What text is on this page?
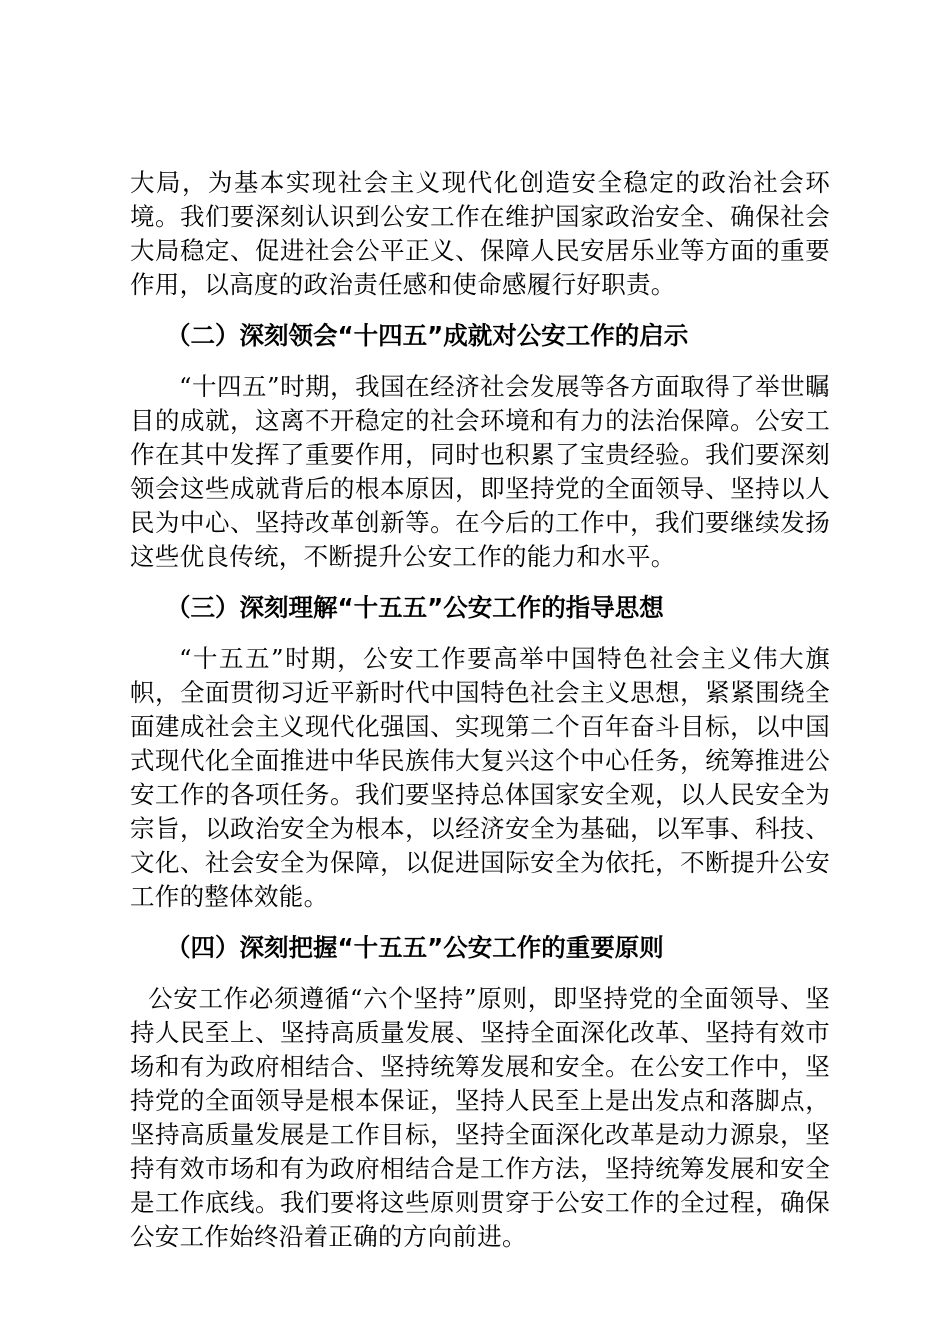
大局，为基本实现社会主义现代化创造安全稳定的政治社会环境。我们要深刻认识到公安工作在维护国家政治安全、确保社会大局稳定、促进社会公平正义、保障人民安居乐业等方面的重要作用，以高度的政治责任感和使命感履行好职责。

（二）深刻领会“十四五”成就对公安工作的启示

“十四五”时期，我国在经济社会发展等各方面取得了举世瞩目的成就，这离不开稳定的社会环境和有力的法治保障。公安工作在其中发挥了重要作用，同时也积累了宝贵经验。我们要深刻领会这些成就背后的根本原因，即坚持党的全面领导、坚持以人民为中心、坚持改革创新等。在今后的工作中，我们要继续发扬这些优良传统，不断提升公安工作的能力和水平。

（三）深刻理解“十五五”公安工作的指导思想

“十五五”时期，公安工作要高举中国特色社会主义伟大旗帜，全面贯彻习近平新时代中国特色社会主义思想，紧紧围绕全面建成社会主义现代化强国、实现第二个百年奋斗目标，以中国式现代化全面推进中华民族伟大复兴这个中心任务，统筹推进公安工作的各项任务。我们要坚持总体国家安全观，以人民安全为宗旨，以政治安全为根本，以经济安全为基础，以军事、科技、文化、社会安全为保障，以促进国际安全为依托，不断提升公安工作的整体效能。

（四）深刻把握“十五五”公安工作的重要原则

公安工作必须遵循“六个坚持”原则，即坚持党的全面领导、坚持人民至上、坚持高质量发展、坚持全面深化改革、坚持有效市场和有为政府相结合、坚持统筹发展和安全。在公安工作中，坚持党的全面领导是根本保证，坚持人民至上是出发点和落脚点，坚持高质量发展是工作目标，坚持全面深化改革是动力源泉，坚持有效市场和有为政府相结合是工作方法，坚持统筹发展和安全是工作底线。我们要将这些原则贯穿于公安工作的全过程，确保公安工作始终沿着正确的方向前进。
